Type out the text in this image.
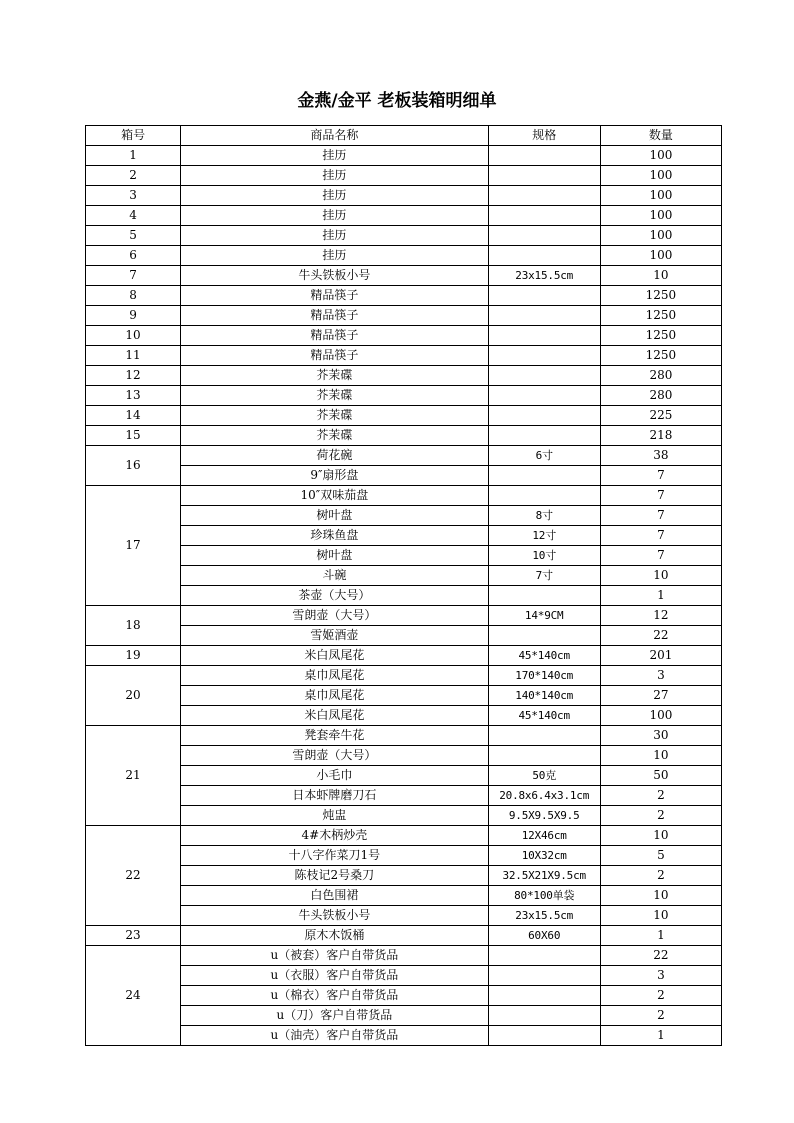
金燕/金平 老板装箱明细单
箱号	商品名称	规格	数量
1	挂历		100
2	挂历		100
3	挂历		100
4	挂历		100
5	挂历		100
6	挂历		100
7	牛头铁板小号	23x15.5cm	10
8	精品筷子		1250
9	精品筷子		1250
10	精品筷子		1250
11	精品筷子		1250
12	芥茉碟		280
13	芥茉碟		280
14	芥茉碟		225
15	芥茉碟		218
16	荷花碗	6寸	38
	9″扇形盘		7
17	10″双味茄盘		7
	树叶盘	8寸	7
	珍珠鱼盘	12寸	7
	树叶盘	10寸	7
	斗碗	7寸	10
	茶壶（大号）		1
18	雪朗壶（大号）	14*9CM	12
	雪姬酒壶		22
19	米白凤尾花	45*140cm	201
20	桌巾凤尾花	170*140cm	3
	桌巾凤尾花	140*140cm	27
	米白凤尾花	45*140cm	100
21	凳套牵牛花		30
	雪朗壶（大号）		10
	小毛巾	50克	50
	日本虾牌磨刀石	20.8x6.4x3.1cm	2
	炖盅	9.5X9.5X9.5	2
22	4#木柄炒壳	12X46cm	10
	十八字作菜刀1号	10X32cm	5
	陈枝记2号桑刀	32.5X21X9.5cm	2
	白色围裙	80*100单袋	10
	牛头铁板小号	23x15.5cm	10
23	原木木饭桶	60X60	1
24	u（被套）客户自带货品		22
	u（衣服）客户自带货品		3
	u（棉衣）客户自带货品		2
	u（刀）客户自带货品		2
	u（油壳）客户自带货品		1
